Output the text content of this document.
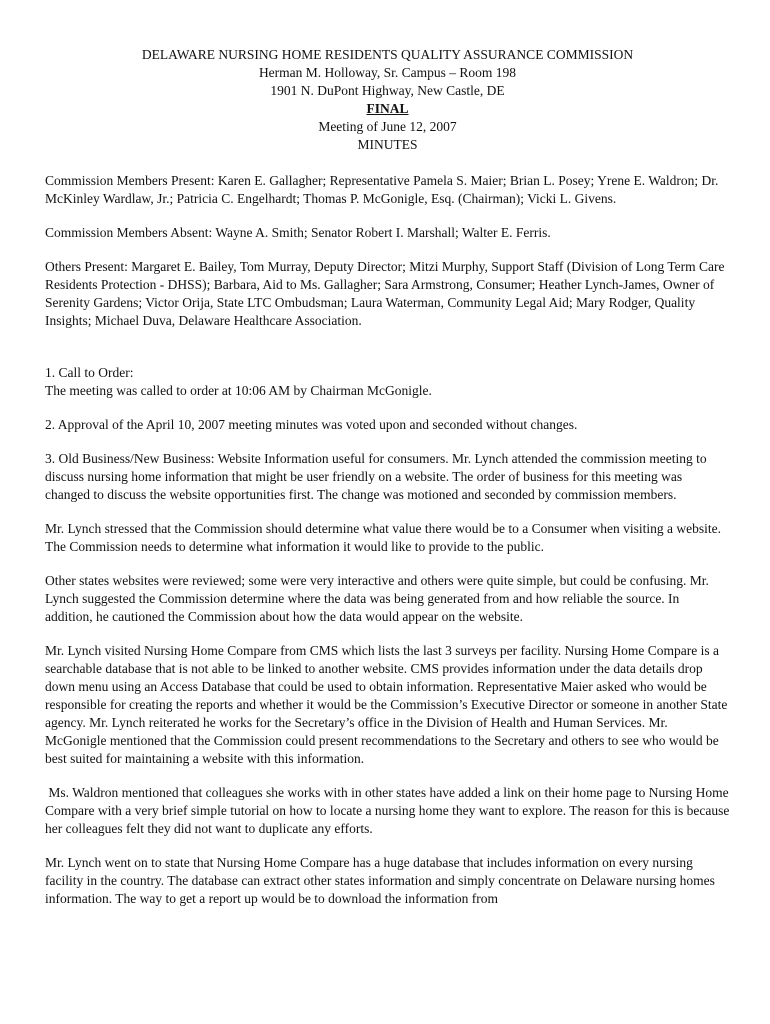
DELAWARE NURSING HOME RESIDENTS QUALITY ASSURANCE COMMISSION
Herman M. Holloway, Sr. Campus – Room 198
1901 N. DuPont Highway, New Castle, DE
FINAL
Meeting of June 12, 2007
MINUTES

Commission Members Present: Karen E. Gallagher; Representative Pamela S. Maier; Brian L. Posey; Yrene E. Waldron; Dr. McKinley Wardlaw, Jr.; Patricia C. Engelhardt; Thomas P. McGonigle, Esq. (Chairman); Vicki L. Givens.

Commission Members Absent: Wayne A. Smith; Senator Robert I. Marshall; Walter E. Ferris.

Others Present: Margaret E. Bailey, Tom Murray, Deputy Director; Mitzi Murphy, Support Staff (Division of Long Term Care Residents Protection - DHSS); Barbara, Aid to Ms. Gallagher; Sara Armstrong, Consumer; Heather Lynch-James, Owner of Serenity Gardens; Victor Orija, State LTC Ombudsman; Laura Waterman, Community Legal Aid; Mary Rodger, Quality Insights; Michael Duva, Delaware Healthcare Association.

1. Call to Order:
The meeting was called to order at 10:06 AM by Chairman McGonigle.

2. Approval of the April 10, 2007 meeting minutes was voted upon and seconded without changes.

3. Old Business/New Business: Website Information useful for consumers. Mr. Lynch attended the commission meeting to discuss nursing home information that might be user friendly on a website. The order of business for this meeting was changed to discuss the website opportunities first. The change was motioned and seconded by commission members.

Mr. Lynch stressed that the Commission should determine what value there would be to a Consumer when visiting a website. The Commission needs to determine what information it would like to provide to the public.

Other states websites were reviewed; some were very interactive and others were quite simple, but could be confusing. Mr. Lynch suggested the Commission determine where the data was being generated from and how reliable the source. In addition, he cautioned the Commission about how the data would appear on the website.

Mr. Lynch visited Nursing Home Compare from CMS which lists the last 3 surveys per facility. Nursing Home Compare is a searchable database that is not able to be linked to another website. CMS provides information under the data details drop down menu using an Access Database that could be used to obtain information. Representative Maier asked who would be responsible for creating the reports and whether it would be the Commission’s Executive Director or someone in another State agency. Mr. Lynch reiterated he works for the Secretary’s office in the Division of Health and Human Services. Mr. McGonigle mentioned that the Commission could present recommendations to the Secretary and others to see who would be best suited for maintaining a website with this information.

Ms. Waldron mentioned that colleagues she works with in other states have added a link on their home page to Nursing Home Compare with a very brief simple tutorial on how to locate a nursing home they want to explore. The reason for this is because her colleagues felt they did not want to duplicate any efforts.

Mr. Lynch went on to state that Nursing Home Compare has a huge database that includes information on every nursing facility in the country. The database can extract other states information and simply concentrate on Delaware nursing homes information. The way to get a report up would be to download the information from
